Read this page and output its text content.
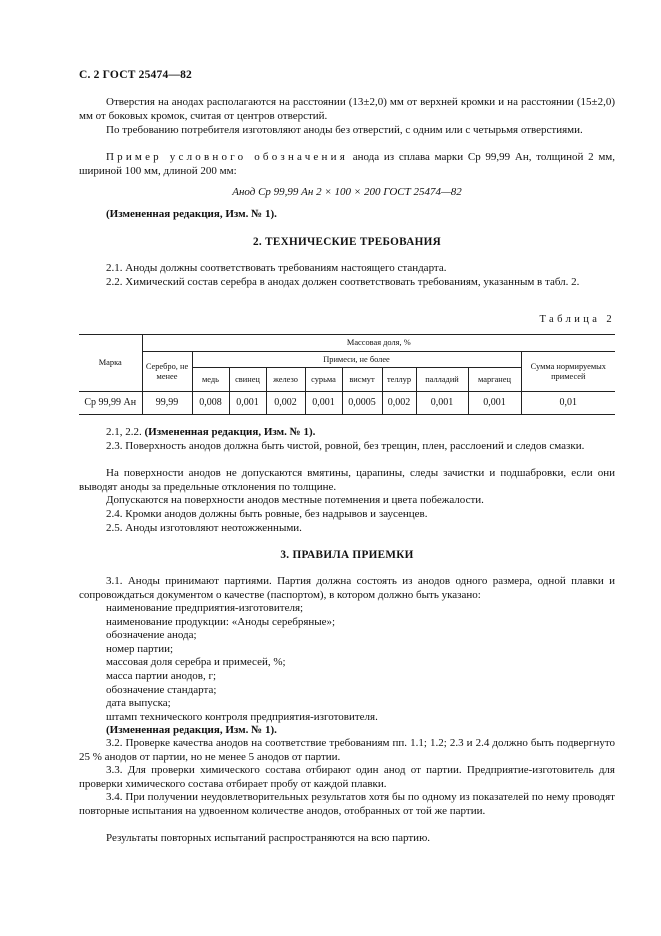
С. 2 ГОСТ 25474—82
Отверстия на анодах располагаются на расстоянии (13±2,0) мм от верхней кромки и на расстоянии (15±2,0) мм от боковых кромок, считая от центров отверстий.
По требованию потребителя изготовляют аноды без отверстий, с одним или с четырьмя отверстиями.
Пример условного обозначения анода из сплава марки Ср 99,99 Ан, толщиной 2 мм, шириной 100 мм, длиной 200 мм:
Анод Ср 99,99 Ан 2 × 100 × 200 ГОСТ 25474—82
(Измененная редакция, Изм. № 1).
2. ТЕХНИЧЕСКИЕ ТРЕБОВАНИЯ
2.1. Аноды должны соответствовать требованиям настоящего стандарта.
2.2. Химический состав серебра в анодах должен соответствовать требованиям, указанным в табл. 2.
Таблица 2
Марка	Массовая доля, %									
	Серебро, не менее	Примеси, не более								Сумма нормируемых примесей
		медь	свинец	железо	сурьма	висмут	теллур	палладий	марганец	
Ср 99,99 Ан	99,99	0,008	0,001	0,002	0,001	0,0005	0,002	0,001	0,001	0,01
2.1, 2.2. (Измененная редакция, Изм. № 1).
2.3. Поверхность анодов должна быть чистой, ровной, без трещин, плен, расслоений и следов смазки.
На поверхности анодов не допускаются вмятины, царапины, следы зачистки и подшабровки, если они выводят аноды за предельные отклонения по толщине.
Допускаются на поверхности анодов местные потемнения и цвета побежалости.
2.4. Кромки анодов должны быть ровные, без надрывов и заусенцев.
2.5. Аноды изготовляют неотожженными.
3. ПРАВИЛА ПРИЕМКИ
3.1. Аноды принимают партиями. Партия должна состоять из анодов одного размера, одной плавки и сопровождаться документом о качестве (паспортом), в котором должно быть указано:
наименование предприятия-изготовителя;
наименование продукции: «Аноды серебряные»;
обозначение анода;
номер партии;
массовая доля серебра и примесей, %;
масса партии анодов, г;
обозначение стандарта;
дата выпуска;
штамп технического контроля предприятия-изготовителя.
(Измененная редакция, Изм. № 1).
3.2. Проверке качества анодов на соответствие требованиям пп. 1.1; 1.2; 2.3 и 2.4 должно быть подвергнуто 25 % анодов от партии, но не менее 5 анодов от партии.
3.3. Для проверки химического состава отбирают один анод от партии. Предприятие-изготовитель для проверки химического состава отбирает пробу от каждой плавки.
3.4. При получении неудовлетворительных результатов хотя бы по одному из показателей по нему проводят повторные испытания на удвоенном количестве анодов, отобранных от той же партии.
Результаты повторных испытаний распространяются на всю партию.
